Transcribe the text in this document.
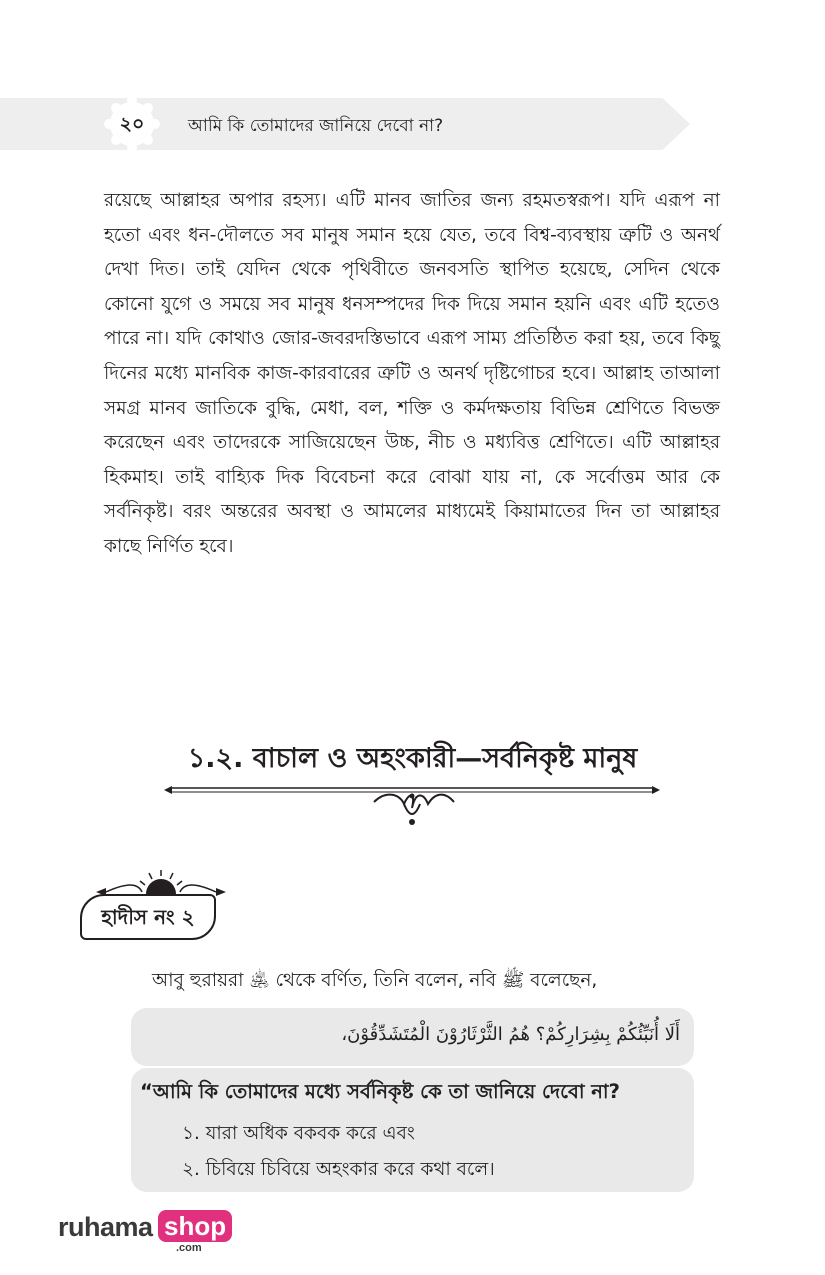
২০	আমি কি তোমাদের জানিয়ে দেবো না?

রয়েছে আল্লাহর অপার রহস্য। এটি মানব জাতির জন্য রহমতস্বরূপ। যদি এরূপ না হতো এবং ধন-দৌলতে সব মানুষ সমান হয়ে যেত, তবে বিশ্ব-ব্যবস্থায় ত্রুটি ও অনর্থ দেখা দিত। তাই যেদিন থেকে পৃথিবীতে জনবসতি স্থাপিত হয়েছে, সেদিন থেকে কোনো যুগে ও সময়ে সব মানুষ ধনসম্পদের দিক দিয়ে সমান হয়নি এবং এটি হতেও পারে না। যদি কোথাও জোর-জবরদস্তিভাবে এরূপ সাম্য প্রতিষ্ঠিত করা হয়, তবে কিছু দিনের মধ্যে মানবিক কাজ-কারবারের ত্রুটি ও অনর্থ দৃষ্টিগোচর হবে। আল্লাহ তাআলা সমগ্র মানব জাতিকে বুদ্ধি, মেধা, বল, শক্তি ও কর্মদক্ষতায় বিভিন্ন শ্রেণিতে বিভক্ত করেছেন এবং তাদেরকে সাজিয়েছেন উচ্চ, নীচ ও মধ্যবিত্ত শ্রেণিতে। এটি আল্লাহর হিকমাহ। তাই বাহ্যিক দিক বিবেচনা করে বোঝা যায় না, কে সর্বোত্তম আর কে সর্বনিকৃষ্ট। বরং অন্তরের অবস্থা ও আমলের মাধ্যমেই কিয়ামাতের দিন তা আল্লাহর কাছে নির্ণিত হবে।

১.২. বাচাল ও অহংকারী—সর্বনিকৃষ্ট মানুষ
হাদীস নং ২
আবু হুরায়রা ﵁ থেকে বর্ণিত, তিনি বলেন, নবি ﷺ বলেছেন,
أَلَا أُنَبِّئُكُمْ بِشِرَارِكُمْ؟ هُمُ الثَّرْثَارُوْنَ الْمُتَشَدِّقُوْنَ،
“আমি কি তোমাদের মধ্যে সর্বনিকৃষ্ট কে তা জানিয়ে দেবো না?
১. যারা অধিক বকবক করে এবং
২. চিবিয়ে চিবিয়ে অহংকার করে কথা বলে।
ruhama shop
.com
